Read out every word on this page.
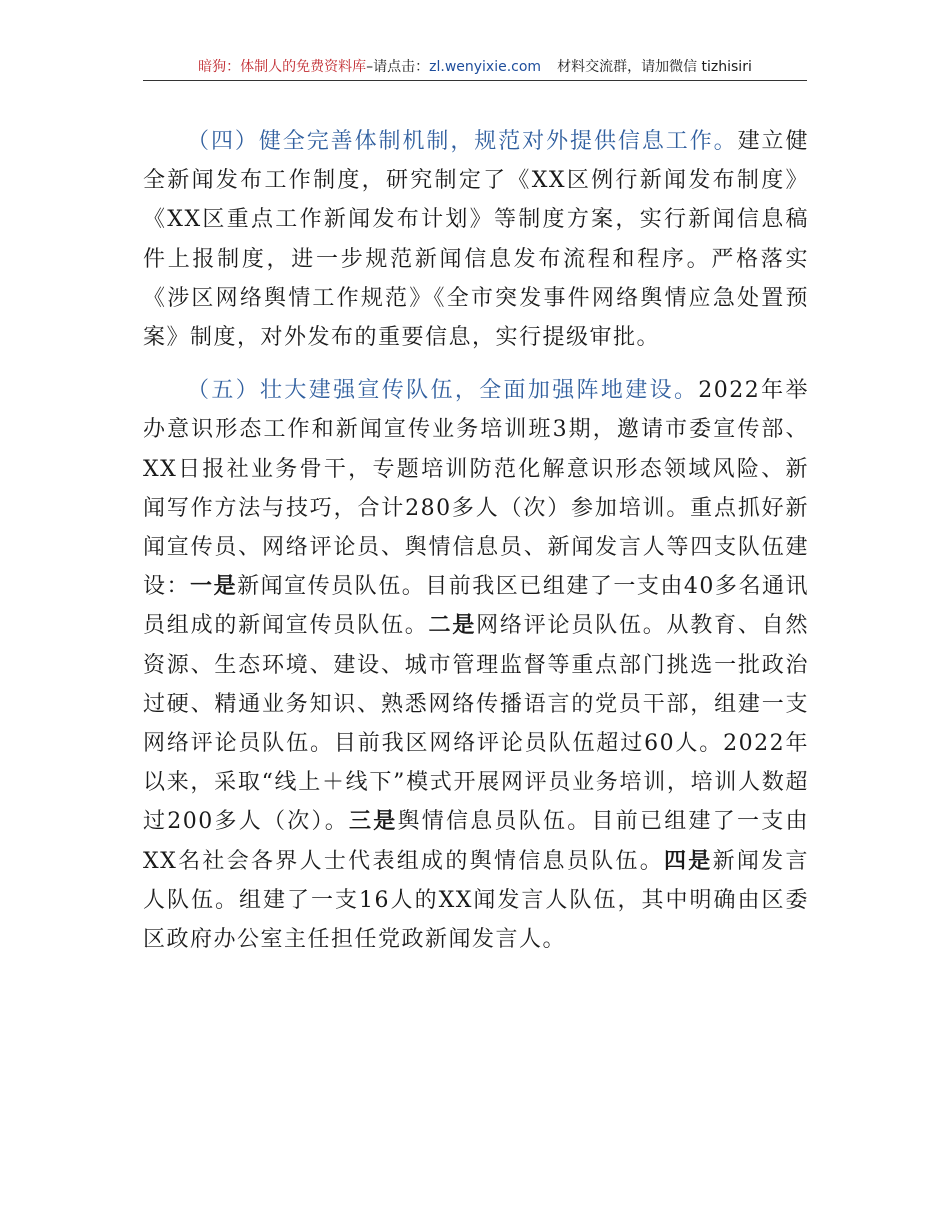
暗狗：体制人的免费资料库–请点击：zl.wenyixie.com 材料交流群，请加微信 tizhisiri

（四）健全完善体制机制，规范对外提供信息工作。建立健全新闻发布工作制度，研究制定了《XX区例行新闻发布制度》《XX区重点工作新闻发布计划》等制度方案，实行新闻信息稿件上报制度，进一步规范新闻信息发布流程和程序。严格落实《涉区网络舆情工作规范》《全市突发事件网络舆情应急处置预案》制度，对外发布的重要信息，实行提级审批。

（五）壮大建强宣传队伍，全面加强阵地建设。2022年举办意识形态工作和新闻宣传业务培训班3期，邀请市委宣传部、XX日报社业务骨干，专题培训防范化解意识形态领域风险、新闻写作方法与技巧，合计280多人（次）参加培训。重点抓好新闻宣传员、网络评论员、舆情信息员、新闻发言人等四支队伍建设：一是新闻宣传员队伍。目前我区已组建了一支由40多名通讯员组成的新闻宣传员队伍。二是网络评论员队伍。从教育、自然资源、生态环境、建设、城市管理监督等重点部门挑选一批政治过硬、精通业务知识、熟悉网络传播语言的党员干部，组建一支网络评论员队伍。目前我区网络评论员队伍超过60人。2022年以来，采取“线上＋线下”模式开展网评员业务培训，培训人数超过200多人（次）。三是舆情信息员队伍。目前已组建了一支由XX名社会各界人士代表组成的舆情信息员队伍。四是新闻发言人队伍。组建了一支16人的XX闻发言人队伍，其中明确由区委区政府办公室主任担任党政新闻发言人。
